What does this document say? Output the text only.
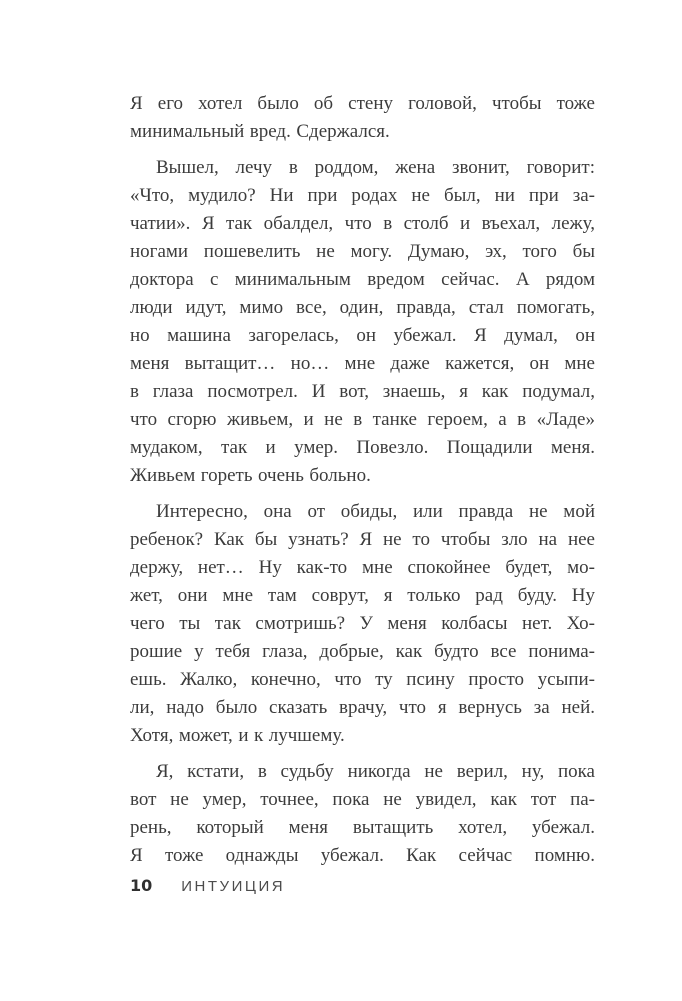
Я его хотел было об стену головой, чтобы тоже
минимальный вред. Сдержался.
Вышел, лечу в роддом, жена звонит, говорит:
«Что, мудило? Ни при родах не был, ни при за-
чатии». Я так обалдел, что в столб и въехал, лежу,
ногами пошевелить не могу. Думаю, эх, того бы
доктора с минимальным вредом сейчас. А рядом
люди идут, мимо все, один, правда, стал помогать,
но машина загорелась, он убежал. Я думал, он
меня вытащит… но… мне даже кажется, он мне
в глаза посмотрел. И вот, знаешь, я как подумал,
что сгорю живьем, и не в танке героем, а в «Ладе»
мудаком, так и умер. Повезло. Пощадили меня.
Живьем гореть очень больно.
Интересно, она от обиды, или правда не мой
ребенок? Как бы узнать? Я не то чтобы зло на нее
держу, нет… Ну как-то мне спокойнее будет, мо-
жет, они мне там соврут, я только рад буду. Ну
чего ты так смотришь? У меня колбасы нет. Хо-
рошие у тебя глаза, добрые, как будто все понима-
ешь. Жалко, конечно, что ту псину просто усыпи-
ли, надо было сказать врачу, что я вернусь за ней.
Хотя, может, и к лучшему.
Я, кстати, в судьбу никогда не верил, ну, пока
вот не умер, точнее, пока не увидел, как тот па-
рень, который меня вытащить хотел, убежал.
Я тоже однажды убежал. Как сейчас помню.
10 ИНТУИЦИЯ
